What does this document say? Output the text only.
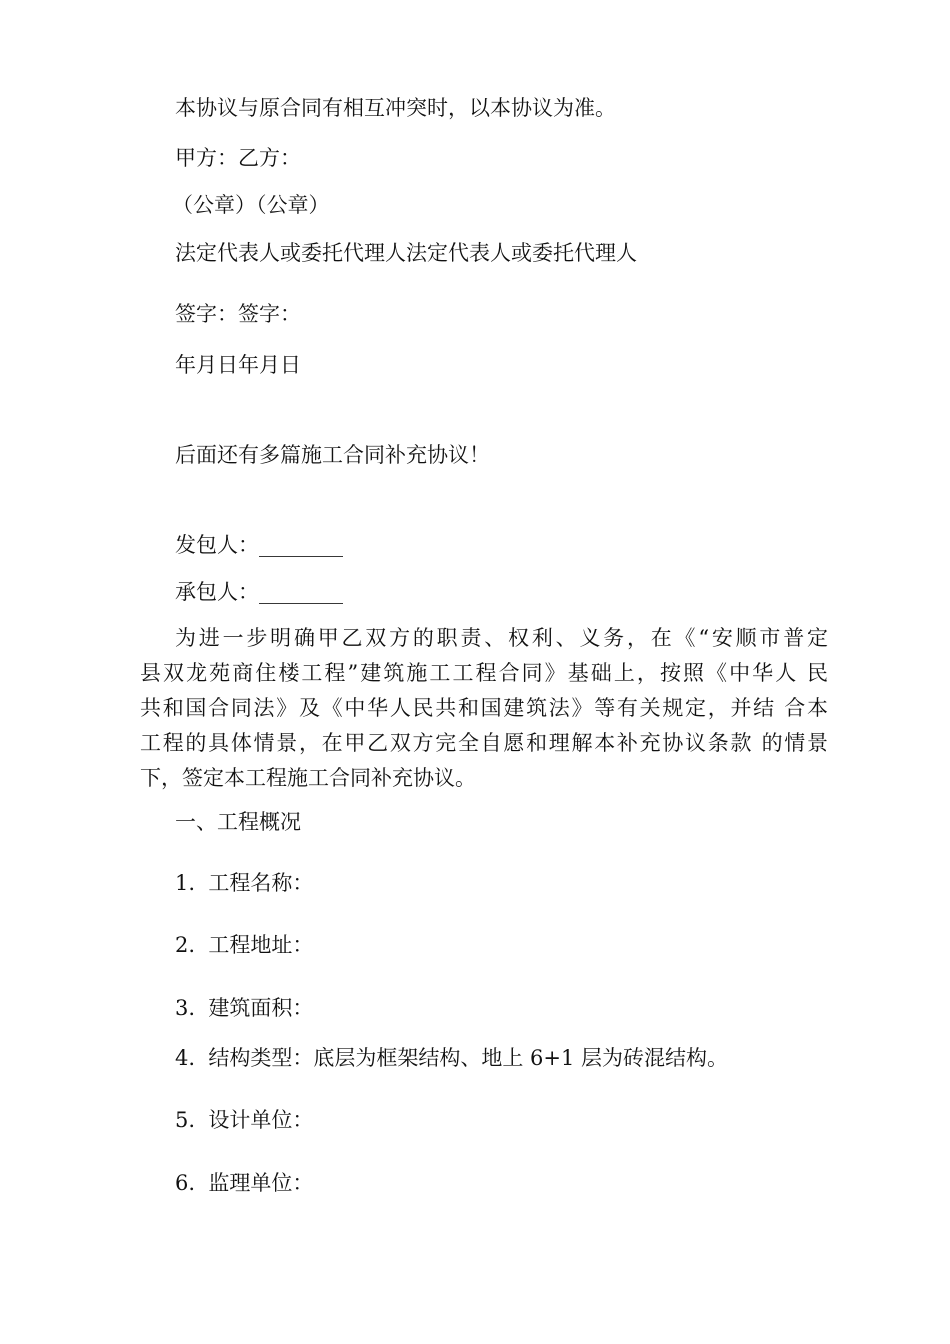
本协议与原合同有相互冲突时，以本协议为准。
甲方：乙方：
（公章）（公章）
法定代表人或委托代理人法定代表人或委托代理人
签字：签字：
年月日年月日
后面还有多篇施工合同补充协议！
发包人：________
承包人：________
为进一步明确甲乙双方的职责、权利、义务，在《“安顺市普定
县双龙苑商住楼工程”建筑施工工程合同》基础上，按照《中华人 民
共和国合同法》及《中华人民共和国建筑法》等有关规定，并结 合本
工程的具体情景，在甲乙双方完全自愿和理解本补充协议条款 的情景
下，签定本工程施工合同补充协议。
一、工程概况
1.  工程名称：
2.  工程地址：
3.  建筑面积：
4.  结构类型：底层为框架结构、地上 6+1 层为砖混结构。
5.  设计单位：
6.  监理单位：
